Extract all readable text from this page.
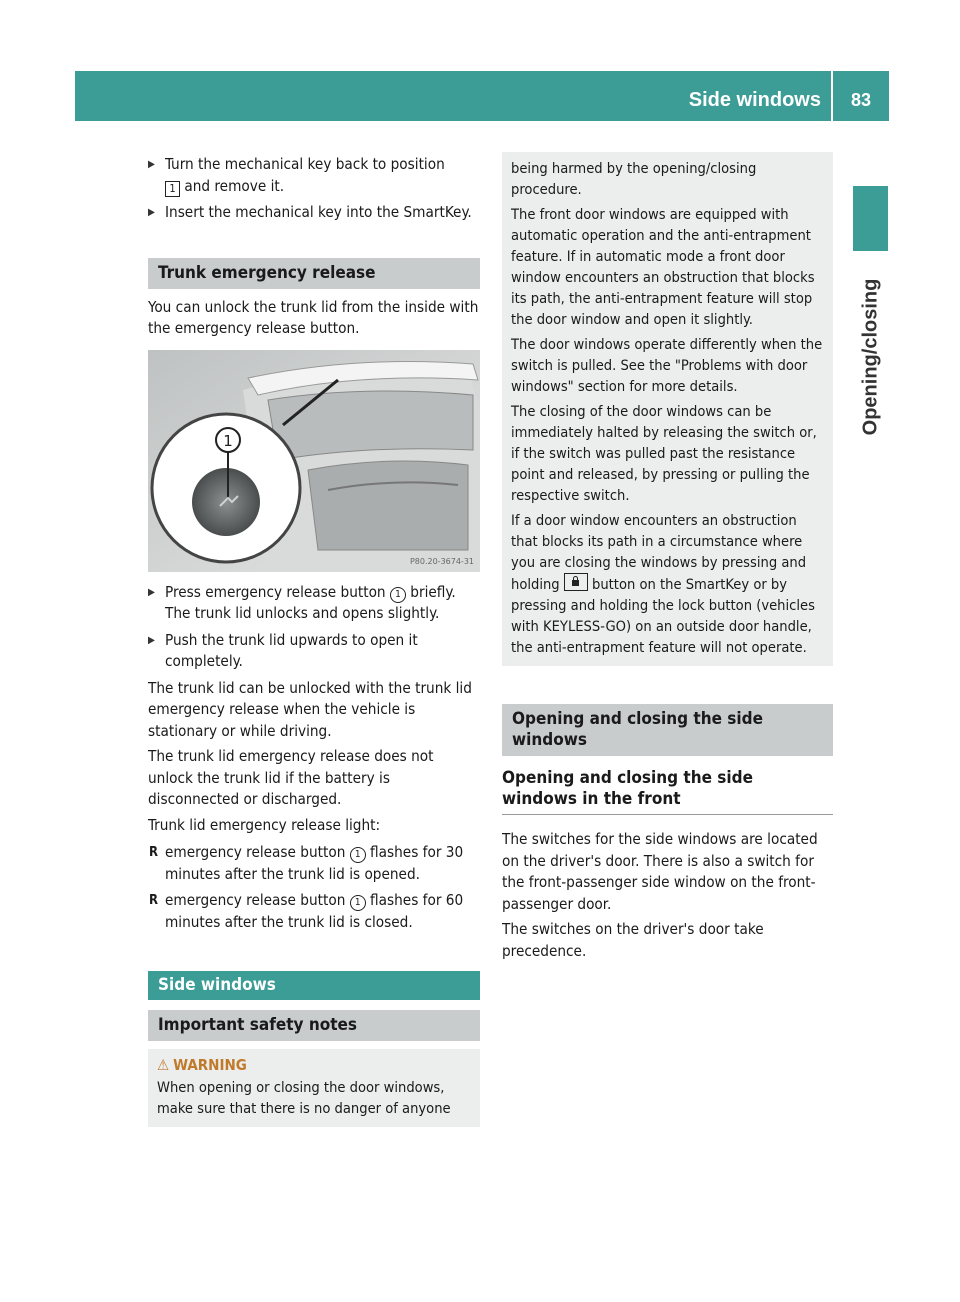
Side windows 83
Opening/closing
▶ Turn the mechanical key back to position
1 and remove it.
▶ Insert the mechanical key into the SmartKey.
Trunk emergency release

You can unlock the trunk lid from the inside with the emergency release button.

1
P80.20-3674-31
▶ Press emergency release button 1 briefly.
The trunk lid unlocks and opens slightly.
▶ Push the trunk lid upwards to open it completely.

The trunk lid can be unlocked with the trunk lid emergency release when the vehicle is stationary or while driving.

The trunk lid emergency release does not unlock the trunk lid if the battery is disconnected or discharged.

Trunk lid emergency release light:

R emergency release button 1 flashes for 30 minutes after the trunk lid is opened.
R emergency release button 1 flashes for 60 minutes after the trunk lid is closed.
Side windows
Important safety notes
⚠ WARNING
When opening or closing the door windows, make sure that there is no danger of anyone

being harmed by the opening/closing procedure.

The front door windows are equipped with automatic operation and the anti-entrapment feature. If in automatic mode a front door window encounters an obstruction that blocks its path, the anti-entrapment feature will stop the door window and open it slightly.

The door windows operate differently when the switch is pulled. See the "Problems with door windows" section for more details.

The closing of the door windows can be immediately halted by releasing the switch or, if the switch was pulled past the resistance point and released, by pressing or pulling the respective switch.

If a door window encounters an obstruction that blocks its path in a circumstance where you are closing the windows by pressing and holding button on the SmartKey or by pressing and holding the lock button (vehicles with KEYLESS-GO) on an outside door handle, the anti-entrapment feature will not operate.

Opening and closing the side windows
Opening and closing the side windows in the front

The switches for the side windows are located on the driver's door. There is also a switch for the front-passenger side window on the front-passenger door.

The switches on the driver's door take precedence.
